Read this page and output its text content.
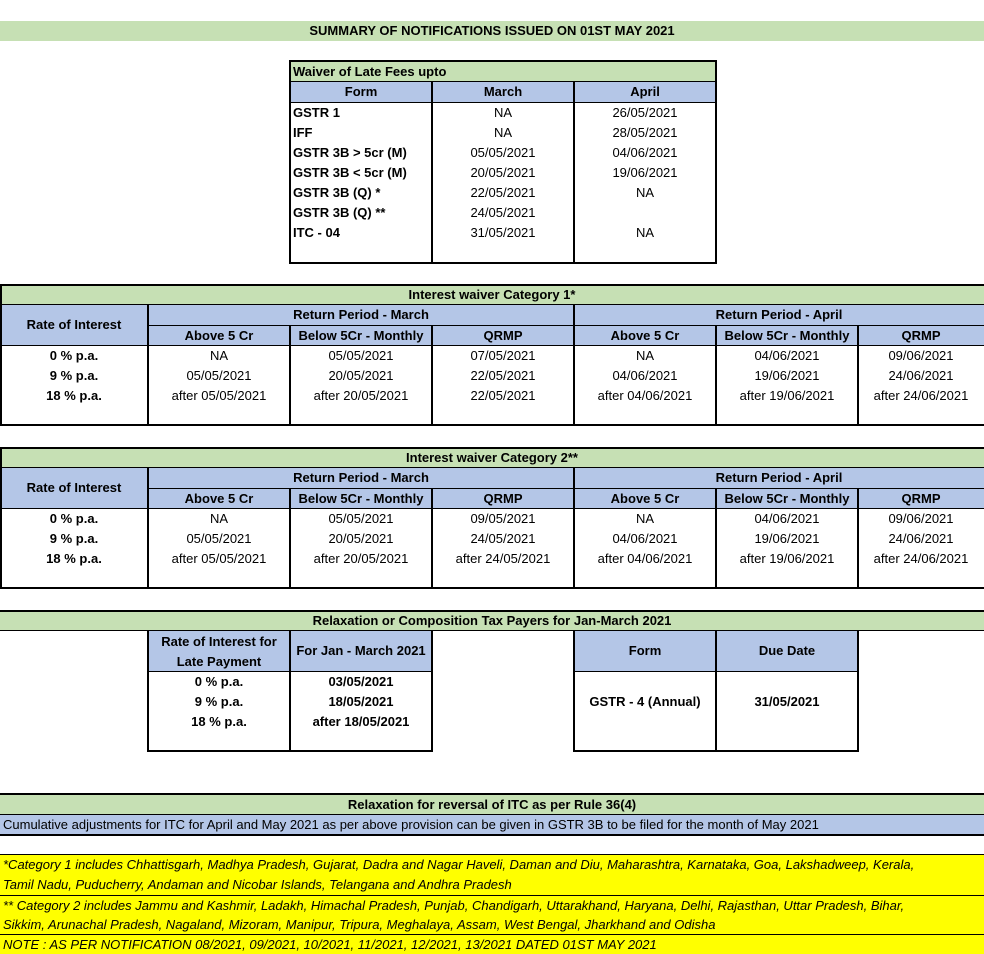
SUMMARY OF NOTIFICATIONS ISSUED ON 01ST MAY 2021
Waiver of Late Fees upto
Form	March	April
GSTR 1	NA	26/05/2021
IFF	NA	28/05/2021
GSTR 3B > 5cr (M)	05/05/2021	04/06/2021
GSTR 3B < 5cr (M)	20/05/2021	19/06/2021
GSTR 3B (Q) *	22/05/2021	NA
GSTR 3B (Q) **	24/05/2021
ITC - 04	31/05/2021	NA
Interest waiver Category 1*
Rate of Interest
Return Period - March	Return Period - April
Above 5 Cr	Below 5Cr - Monthly	QRMP	Above 5 Cr	Below 5Cr - Monthly	QRMP
0 % p.a.	NA	05/05/2021	07/05/2021	NA	04/06/2021	09/06/2021
9 % p.a.	05/05/2021	20/05/2021	22/05/2021	04/06/2021	19/06/2021	24/06/2021
18 % p.a.	after 05/05/2021	after 20/05/2021	22/05/2021	after 04/06/2021	after 19/06/2021	after 24/06/2021
Interest waiver Category 2**
Rate of Interest
Return Period - March	Return Period - April
Above 5 Cr	Below 5Cr - Monthly	QRMP	Above 5 Cr	Below 5Cr - Monthly	QRMP
0 % p.a.	NA	05/05/2021	09/05/2021	NA	04/06/2021	09/06/2021
9 % p.a.	05/05/2021	20/05/2021	24/05/2021	04/06/2021	19/06/2021	24/06/2021
18 % p.a.	after 05/05/2021	after 20/05/2021	after 24/05/2021	after 04/06/2021	after 19/06/2021	after 24/06/2021
Relaxation or Composition Tax Payers for Jan-March 2021
Rate of Interest for
Late Payment
For Jan - March 2021
0 % p.a.	03/05/2021
9 % p.a.	18/05/2021
18 % p.a.	after 18/05/2021
Form	Due Date
GSTR - 4 (Annual)	31/05/2021
Relaxation for reversal of ITC as per Rule 36(4)
Cumulative adjustments for ITC for April and May 2021 as per above provision can be given in GSTR 3B to be filed for the month of May 2021
*Category 1 includes Chhattisgarh, Madhya Pradesh, Gujarat, Dadra and Nagar Haveli, Daman and Diu, Maharashtra, Karnataka, Goa, Lakshadweep, Kerala,
Tamil Nadu, Puducherry, Andaman and Nicobar Islands, Telangana and Andhra Pradesh
** Category 2 includes Jammu and Kashmir, Ladakh, Himachal Pradesh, Punjab, Chandigarh, Uttarakhand, Haryana, Delhi, Rajasthan, Uttar Pradesh, Bihar,
Sikkim, Arunachal Pradesh, Nagaland, Mizoram, Manipur, Tripura, Meghalaya, Assam, West Bengal, Jharkhand and Odisha
NOTE : AS PER NOTIFICATION 08/2021, 09/2021, 10/2021, 11/2021, 12/2021, 13/2021 DATED 01ST MAY 2021
